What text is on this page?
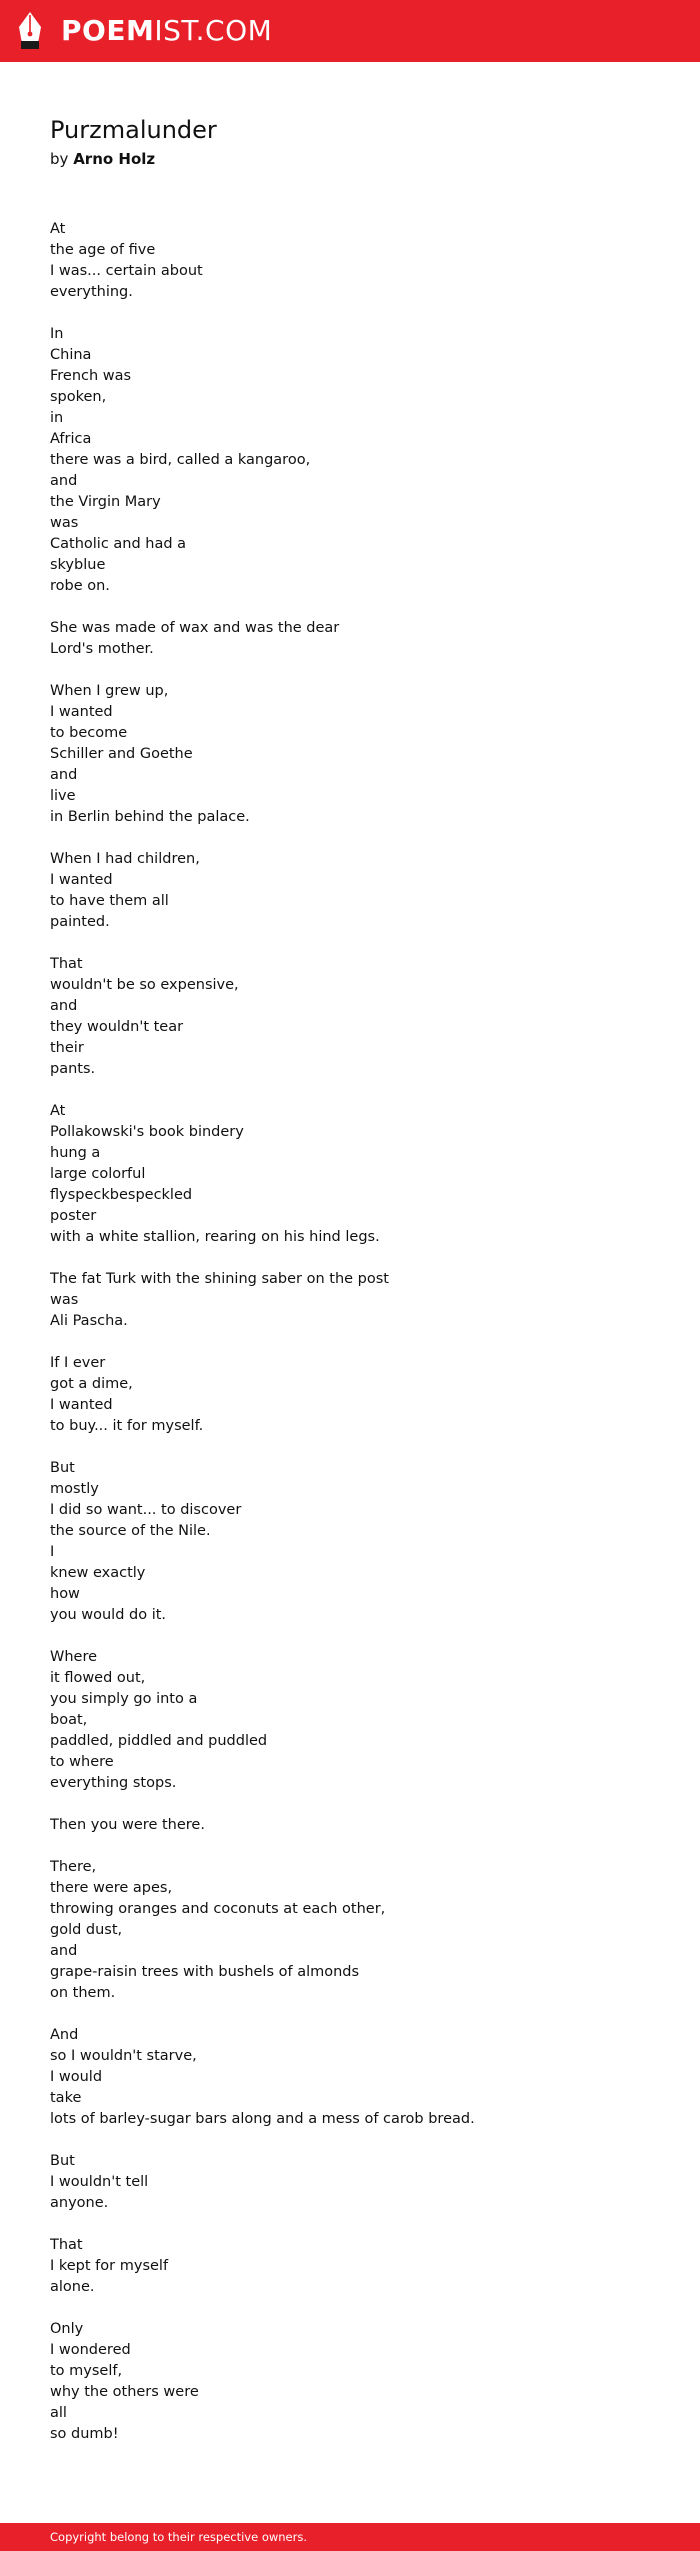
POEMIST.COM
Purzmalunder
by Arno Holz
At
the age of five
I was... certain about
everything.
In
China
French was
spoken,
in
Africa
there was a bird, called a kangaroo,
and
the Virgin Mary
was
Catholic and had a
skyblue
robe on.
She was made of wax and was the dear
Lord's mother.
When I grew up,
I wanted
to become
Schiller and Goethe
and
live
in Berlin behind the palace.
When I had children,
I wanted
to have them all
painted.
That
wouldn't be so expensive,
and
they wouldn't tear
their
pants.
At
Pollakowski's book bindery
hung a
large colorful
flyspeckbespeckled
poster
with a white stallion, rearing on his hind legs.
The fat Turk with the shining saber on the post
was
Ali Pascha.
If I ever
got a dime,
I wanted
to buy... it for myself.
But
mostly
I did so want... to discover
the source of the Nile.
I
knew exactly
how
you would do it.
Where
it flowed out,
you simply go into a
boat,
paddled, piddled and puddled
to where
everything stops.
Then you were there.
There,
there were apes,
throwing oranges and coconuts at each other,
gold dust,
and
grape-raisin trees with bushels of almonds
on them.
And
so I wouldn't starve,
I would
take
lots of barley-sugar bars along and a mess of carob bread.
But
I wouldn't tell
anyone.
That
I kept for myself
alone.
Only
I wondered
to myself,
why the others were
all
so dumb!
Copyright belong to their respective owners.
